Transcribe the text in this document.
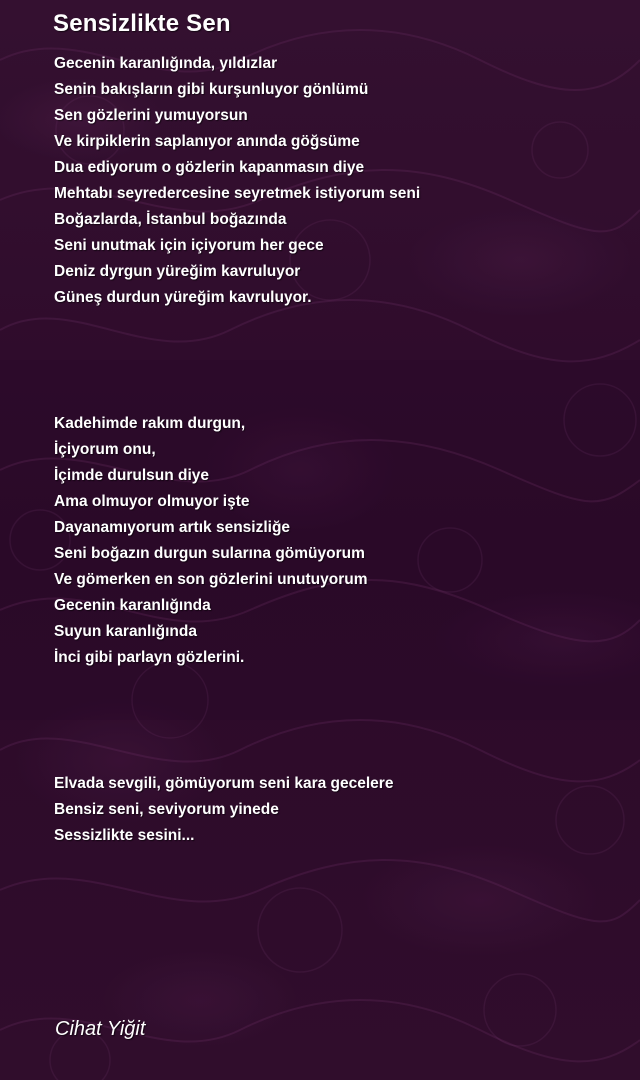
Sensizlikte Sen
Gecenin karanlığında, yıldızlar
Senin bakışların gibi kurşunluyor gönlümü
Sen gözlerini yumuyorsun
Ve kirpiklerin saplanıyor anında göğsüme
Dua ediyorum o gözlerin kapanmasın diye
Mehtabı seyredercesine seyretmek istiyorum seni
Boğazlarda, İstanbul boğazında
Seni unutmak için içiyorum her gece
Deniz dyrgun yüreğim kavruluyor
Güneş durdun yüreğim kavruluyor.
Kadehimde rakım durgun,
İçiyorum onu,
İçimde durulsun diye
Ama olmuyor olmuyor işte
Dayanamıyorum artık sensizliğe
Seni boğazın durgun sularına gömüyorum
Ve gömerken en son gözlerini unutuyorum
Gecenin karanlığında
Suyun karanlığında
İnci gibi parlayn gözlerini.
Elvada sevgili, gömüyorum seni kara gecelere
Bensiz seni, seviyorum yinede
Sessizlikte sesini...
Cihat Yiğit
